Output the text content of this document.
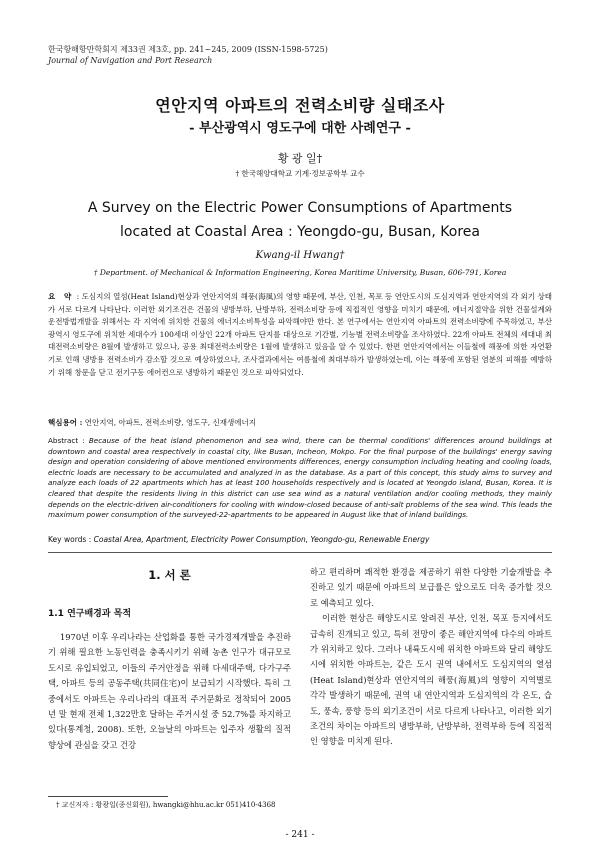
한국항해항만학회지 제33권 제3호, pp. 241~245, 2009 (ISSN-1598-5725)
Journal of Navigation and Port Research
연안지역 아파트의 전력소비량 실태조사
- 부산광역시 영도구에 대한 사례연구 -
황 광 일†
† 한국해양대학교 기계·정보공학부 교수
A Survey on the Electric Power Consumptions of Apartments
located at Coastal Area : Yeongdo-gu, Busan, Korea
Kwang-il Hwang†
† Department. of Mechanical & Information Engineering, Korea Maritime University, Busan, 606-791, Korea
요 약 : 도심지의 열섬(Heat Island)현상과 연안지역의 해풍(海風)의 영향 때문에, 부산, 인천, 목포 등 연안도시의 도심지역과 연안지역의 각 외기 상태가 서로 다르게 나타난다. 이러한 외기조건은 건물의 냉방부하, 난방부하, 전력소비량 등에 직접적인 영향을 미치기 때문에, 에너지절약을 위한 건물설계와 운전방법개발을 위해서는 각 지역에 위치한 건물의 에너지소비특성을 파악해야만 한다. 본 연구에서는 연안지역 아파트의 전력소비량에 주목하였고, 부산광역시 영도구에 위치한 세대수가 100세대 이상인 22개 아파트 단지를 대상으로 기간별, 기능별 전력소비량을 조사하였다. 22개 아파트 전체의 세대내 최대전력소비량은 8월에 발생하고 있으나, 공용 최대전력소비량은 1월에 발생하고 있음을 알 수 있었다. 한편 연안지역에서는 이들철에 해풍에 의한 자연환기로 인해 냉방용 전력소비가 감소할 것으로 예상하였으나, 조사결과에서는 여름철에 최대부하가 발생하였는데, 이는 해풍에 포함된 염분의 피해를 예방하기 위해 창문을 닫고 전기구동 에어컨으로 냉방하기 때문인 것으로 파악되었다.
핵심용어 : 연안지역, 아파트, 전력소비량, 영도구, 신재생에너지
Abstract : Because of the heat island phenomenon and sea wind, there can be thermal conditions' differences around buildings at downtown and coastal area respectively in coastal city, like Busan, Incheon, Mokpo. For the final purpose of the buildings' energy saving design and operation considering of above mentioned environments differences, energy consumption including heating and cooling loads, electric loads are necessary to be accumulated and analyzed in as the database. As a part of this concept, this study aims to survey and analyze each loads of 22 apartments which has at least 100 households respectively and is located at Yeongdo island, Busan, Korea. It is cleared that despite the residents living in this district can use sea wind as a natural ventilation and/or cooling methods, they mainly depends on the electric-driven air-conditioners for cooling with window-closed because of anti-salt problems of the sea wind. This leads the maximum power consumption of the surveyed-22-apartments to be appeared in August like that of inland buildings.
Key words : Coastal Area, Apartment, Electricity Power Consumption, Yeongdo-gu, Renewable Energy
1. 서 론
1.1 연구배경과 목적

1970년 이후 우리나라는 산업화를 통한 국가경제개발을 추진하기 위해 필요한 노동인력을 충족시키기 위해 농촌 인구가 대규모로 도시로 유입되었고, 이들의 주거안정을 위해 다세대주택, 다가구주택, 아파트 등의 공동주택(共同住宅)이 보급되기 시작했다. 특히 그 중에서도 아파트는 우리나라의 대표적 주거문화로 정착되어 2005년 말 현재 전체 1,322만호 달하는 주거시설 중 52.7%를 차지하고 있다(통계청, 2008). 또한, 오늘날의 아파트는 입주자 생활의 질적 향상에 관심을 갖고 건강

하고 편리하며 쾌적한 환경을 제공하기 위한 다양한 기술개발을 추진하고 있기 때문에 아파트의 보급률은 앞으로도 더욱 증가할 것으로 예측되고 있다.

이러한 현상은 해양도시로 알려진 부산, 인천, 목포 등지에서도 급속히 진개되고 있고, 특히 전망이 좋은 해안지역에 다수의 아파트가 위치하고 있다. 그러나 내륙도시에 위치한 아파트와 달리 해양도시에 위치한 아파트는, 같은 도시 권역 내에서도 도심지역의 열섬(Heat Island)현상과 연안지역의 해풍(海風)의 영향이 지역별로 각각 발생하기 때문에, 권역 내 연안지역과 도심지역의 각 온도, 습도, 풍속, 풍향 등의 외기조건이 서로 다르게 나타나고, 이러한 외기조건의 차이는 아파트의 냉방부하, 난방부하, 전력부하 등에 직접적인 영향을 미치게 된다.

† 교신저자 : 황광일(종신회원), hwangki@hhu.ac.kr 051)410-4368
- 241 -
